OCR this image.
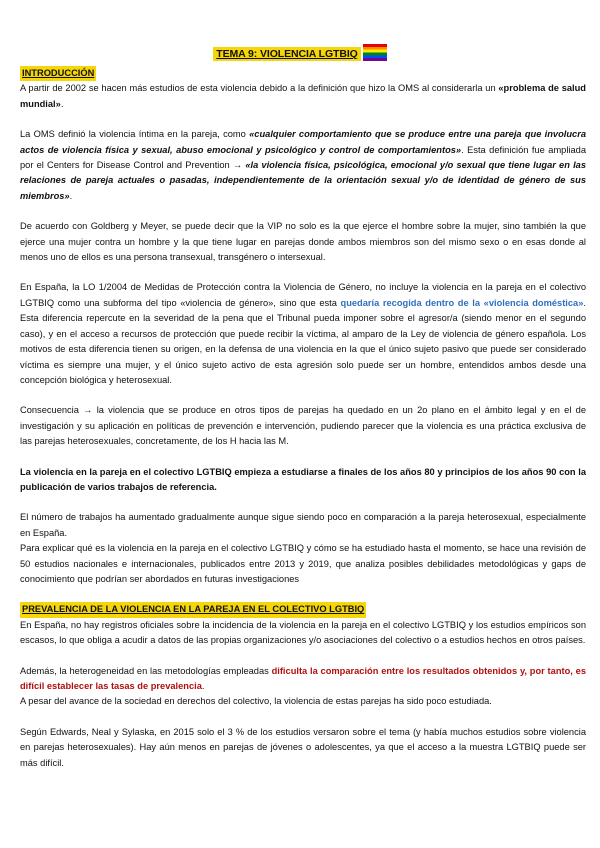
TEMA 9: VIOLENCIA LGTBIQ
INTRODUCCIÓN

A partir de 2002 se hacen más estudios de esta violencia debido a la definición que hizo la OMS al considerarla un «problema de salud mundial».

La OMS definió la violencia íntima en la pareja, como «cualquier comportamiento que se produce entre una pareja que involucra actos de violencia física y sexual, abuso emocional y psicológico y control de comportamientos». Esta definición fue ampliada por el Centers for Disease Control and Prevention → «la violencia física, psicológica, emocional y/o sexual que tiene lugar en las relaciones de pareja actuales o pasadas, independientemente de la orientación sexual y/o de identidad de género de sus miembros».

De acuerdo con Goldberg y Meyer, se puede decir que la VIP no solo es la que ejerce el hombre sobre la mujer, sino también la que ejerce una mujer contra un hombre y la que tiene lugar en parejas donde ambos miembros son del mismo sexo o en esas donde al menos uno de ellos es una persona transexual, transgénero o intersexual.

En España, la LO 1/2004 de Medidas de Protección contra la Violencia de Género, no incluye la violencia en la pareja en el colectivo LGTBIQ como una subforma del tipo «violencia de género», sino que esta quedaría recogida dentro de la «violencia doméstica». Esta diferencia repercute en la severidad de la pena que el Tribunal pueda imponer sobre el agresor/a (siendo menor en el segundo caso), y en el acceso a recursos de protección que puede recibir la víctima, al amparo de la Ley de violencia de género española. Los motivos de esta diferencia tienen su origen, en la defensa de una violencia en la que el único sujeto pasivo que puede ser considerado víctima es siempre una mujer, y el único sujeto activo de esta agresión solo puede ser un hombre, entendidos ambos desde una concepción biológica y heterosexual.

Consecuencia → la violencia que se produce en otros tipos de parejas ha quedado en un 2o plano en el ámbito legal y en el de investigación y su aplicación en políticas de prevención e intervención, pudiendo parecer que la violencia es una práctica exclusiva de las parejas heterosexuales, concretamente, de los H hacia las M.

La violencia en la pareja en el colectivo LGTBIQ empieza a estudiarse a finales de los años 80 y principios de los años 90 con la publicación de varios trabajos de referencia.

El número de trabajos ha aumentado gradualmente aunque sigue siendo poco en comparación a la pareja heterosexual, especialmente en España.

Para explicar qué es la violencia en la pareja en el colectivo LGTBIQ y cómo se ha estudiado hasta el momento, se hace una revisión de 50 estudios nacionales e internacionales, publicados entre 2013 y 2019, que analiza posibles debilidades metodológicas y gaps de conocimiento que podrían ser abordados en futuras investigaciones

PREVALENCIA DE LA VIOLENCIA EN LA PAREJA EN EL COLECTIVO LGTBIQ

En España, no hay registros oficiales sobre la incidencia de la violencia en la pareja en el colectivo LGTBIQ y los estudios empíricos son escasos, lo que obliga a acudir a datos de las propias organizaciones y/o asociaciones del colectivo o a estudios hechos en otros países.

Además, la heterogeneidad en las metodologías empleadas dificulta la comparación entre los resultados obtenidos y, por tanto, es difícil establecer las tasas de prevalencia.

A pesar del avance de la sociedad en derechos del colectivo, la violencia de estas parejas ha sido poco estudiada.

Según Edwards, Neal y Sylaska, en 2015 solo el 3 % de los estudios versaron sobre el tema (y había muchos estudios sobre violencia en parejas heterosexuales). Hay aún menos en parejas de jóvenes o adolescentes, ya que el acceso a la muestra LGTBIQ puede ser más difícil.
